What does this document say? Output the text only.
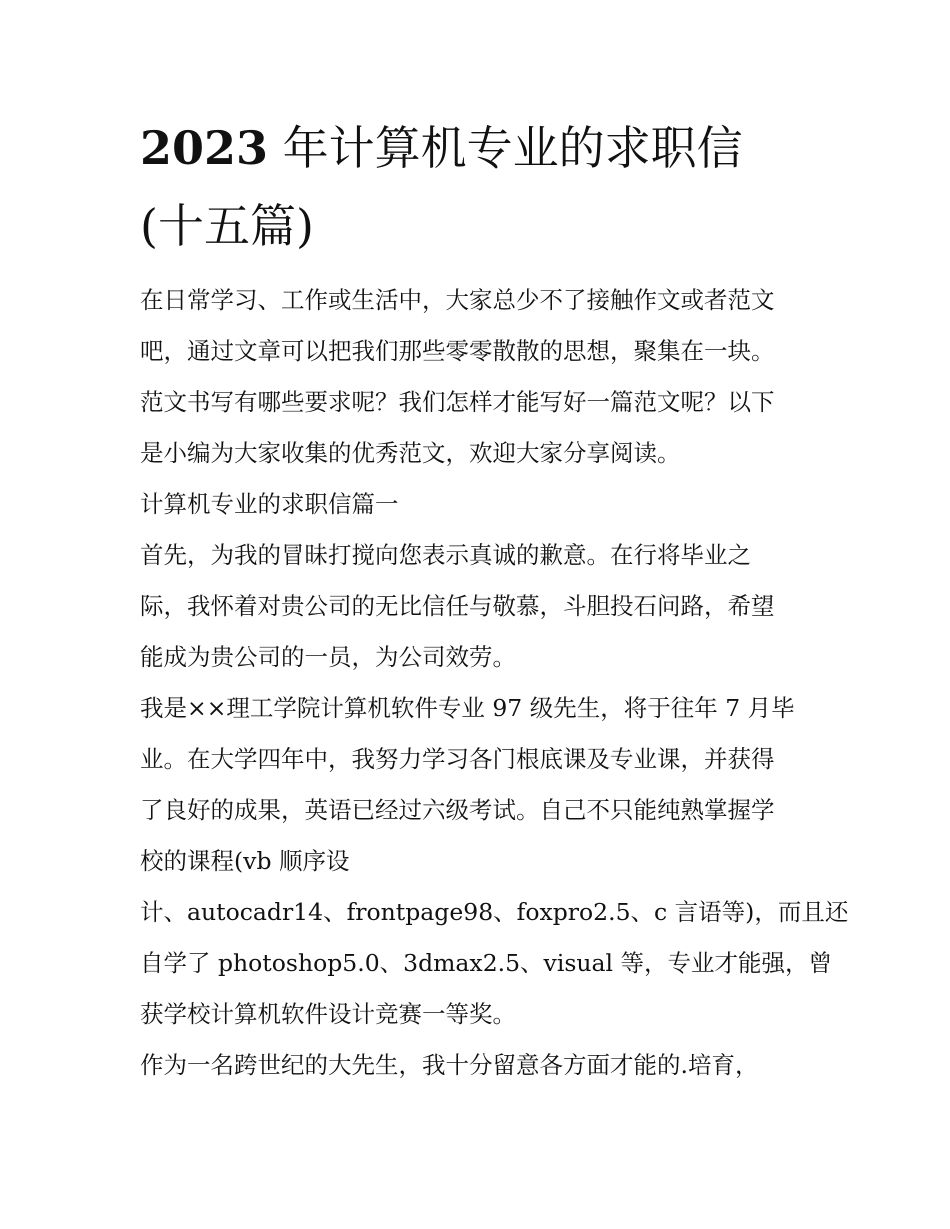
2023 年计算机专业的求职信
(十五篇)

在日常学习、工作或生活中，大家总少不了接触作文或者范文

吧，通过文章可以把我们那些零零散散的思想，聚集在一块。

范文书写有哪些要求呢？我们怎样才能写好一篇范文呢？以下

是小编为大家收集的优秀范文，欢迎大家分享阅读。

计算机专业的求职信篇一

首先，为我的冒昧打搅向您表示真诚的歉意。在行将毕业之

际，我怀着对贵公司的无比信任与敬慕，斗胆投石问路，希望

能成为贵公司的一员，为公司效劳。

我是××理工学院计算机软件专业 97 级先生，将于往年 7 月毕

业。在大学四年中，我努力学习各门根底课及专业课，并获得

了良好的成果，英语已经过六级考试。自己不只能纯熟掌握学

校的课程(vb 顺序设

计、autocadr14、frontpage98、foxpro2.5、c 言语等)，而且还

自学了 photoshop5.0、3dmax2.5、visual 等，专业才能强，曾

获学校计算机软件设计竞赛一等奖。

作为一名跨世纪的大先生，我十分留意各方面才能的.培育，
